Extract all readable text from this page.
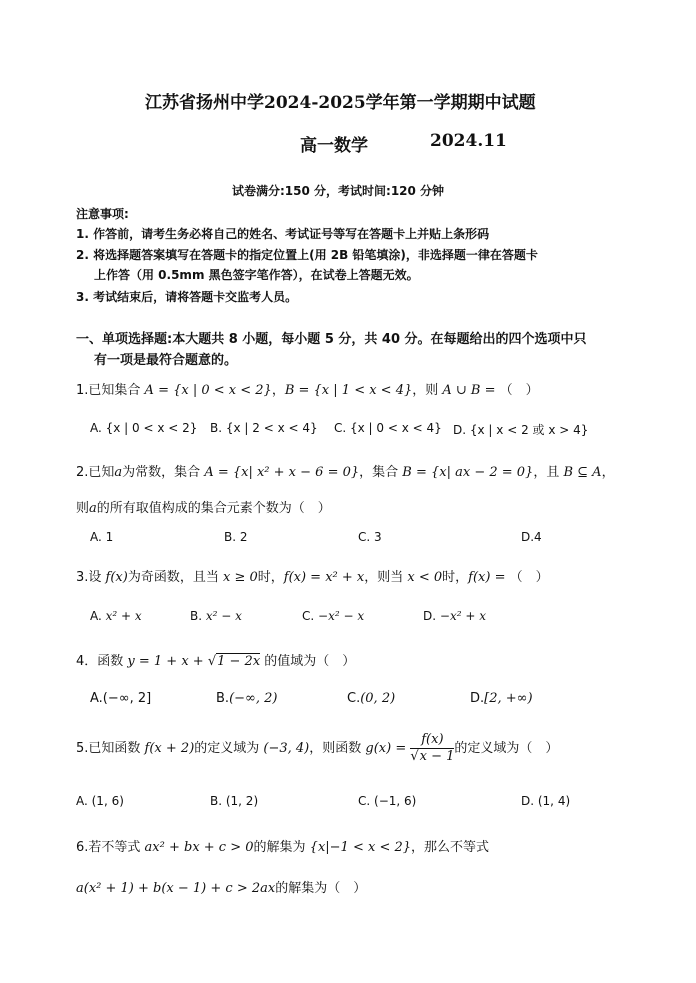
江苏省扬州中学2024-2025学年第一学期期中试题
高一数学	2024.11
试卷满分:150 分，考试时间:120 分钟
注意事项:
1. 作答前，请考生务必将自己的姓名、考试证号等写在答题卡上并贴上条形码
2. 将选择题答案填写在答题卡的指定位置上(用 2B 铅笔填涂)，非选择题一律在答题卡
上作答（用 0.5mm 黑色签字笔作答），在试卷上答题无效。
3. 考试结束后，请将答题卡交监考人员。
一、单项选择题:本大题共 8 小题，每小题 5 分，共 40 分。在每题给出的四个选项中只
有一项是最符合题意的。
1.已知集合 A = {x | 0 < x < 2}，B = {x | 1 < x < 4}，则 A ∪ B = （　）
A. {x | 0 < x < 2} B. {x | 2 < x < 4} C. {x | 0 < x < 4} D. {x | x < 2 或 x > 4}
2.已知a为常数，集合 A = {x| x² + x − 6 = 0}，集合 B = {x| ax − 2 = 0}，且 B ⊆ A，
则a的所有取值构成的集合元素个数为（　）
A. 1	B. 2	C. 3	D.4
3.设 f(x)为奇函数，且当 x ≥ 0时，f(x) = x² + x，则当 x < 0时，f(x) = （　）
A. x² + x	B. x² − x	C. −x² − x	D. −x² + x
4．函数 y = 1 + x + √1 − 2x 的值域为（　）
A.(−∞, 2]	B.(−∞, 2)	C.(0, 2)	D.[2, +∞)
5.已知函数 f(x + 2)的定义域为 (−3, 4)，则函数 $g(x) = \frac{f(x)}{√x - 1}$ 的定义域为（　）
A. (1, 6)	B. (1, 2)	C. (−1, 6)	D. (1, 4)
6.若不等式 ax² + bx + c > 0的解集为 {x|−1 < x < 2}，那么不等式
a(x² + 1) + b(x − 1) + c > 2ax的解集为（　）
